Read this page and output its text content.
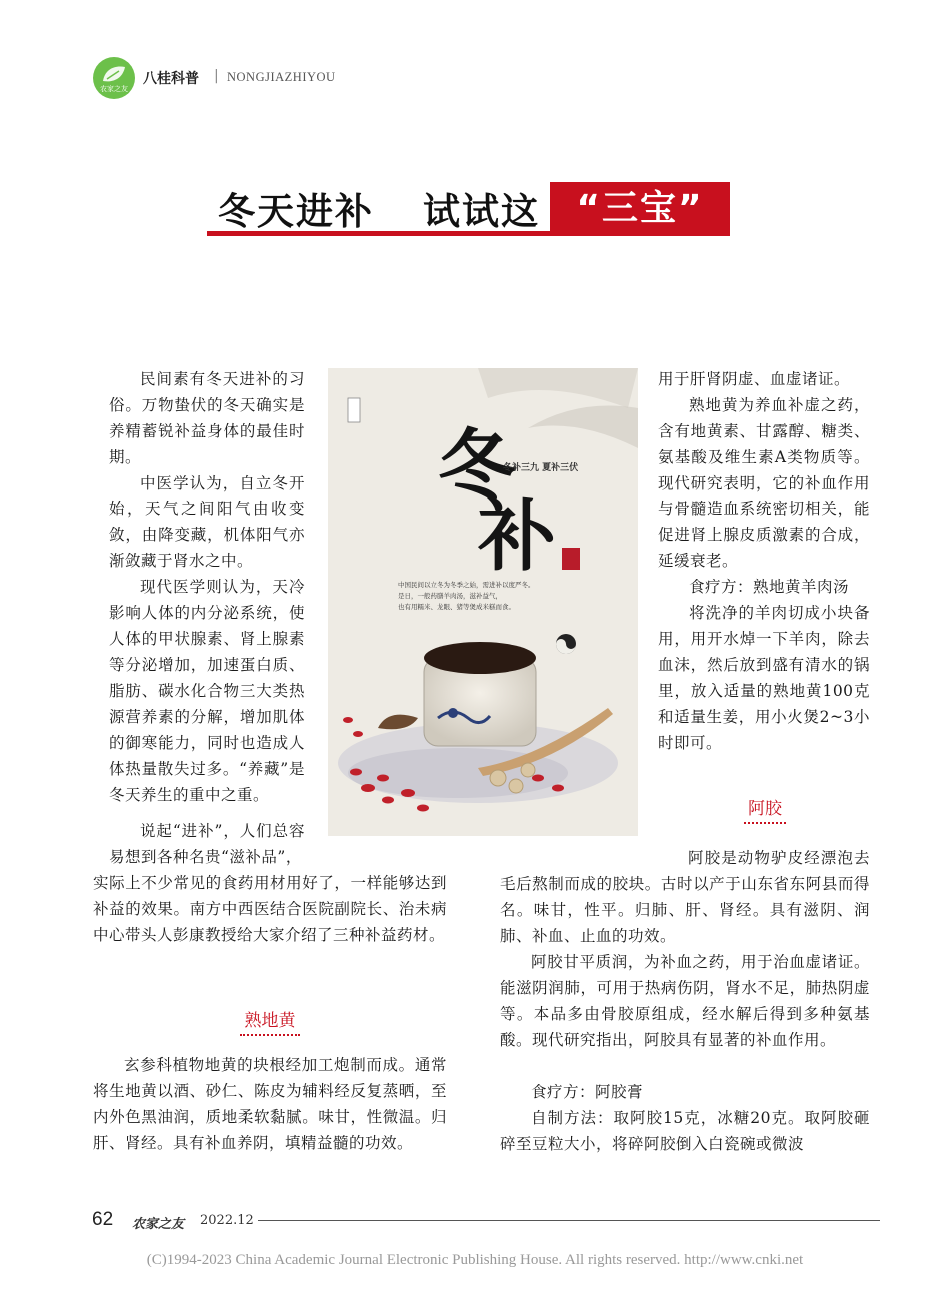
农家之友
八桂科普 | NONGJIAZHIYOU
冬天进补 试试这	“三宝”
冬
补
冬补三九 夏补三伏
中国民间以立冬为冬季之始，需进补以度严冬。
是日，一般药膳羊肉汤，滋补益气，
也有用糯米、龙眼、猪等煲成米糕而食。

民间素有冬天进补的习俗。万物蛰伏的冬天确实是养精蓄锐补益身体的最佳时期。

中医学认为，自立冬开始，天气之间阳气由收变敛，由降变藏，机体阳气亦渐敛藏于肾水之中。

现代医学则认为，天冷影响人体的内分泌系统，使人体的甲状腺素、肾上腺素等分泌增加，加速蛋白质、脂肪、碳水化合物三大类热源营养素的分解，增加肌体的御寒能力，同时也造成人体热量散失过多。“养藏”是冬天养生的重中之重。

说起“进补”，人们总容易想到各种名贵“滋补品”，

实际上不少常见的食药用材用好了，一样能够达到补益的效果。南方中西医结合医院副院长、治未病中心带头人彭康教授给大家介绍了三种补益药材。

熟地黄

玄参科植物地黄的块根经加工炮制而成。通常将生地黄以酒、砂仁、陈皮为辅料经反复蒸晒，至内外色黑油润，质地柔软黏腻。味甘，性微温。归肝、肾经。具有补血养阴，填精益髓的功效。

用于肝肾阴虚、血虚诸证。

熟地黄为养血补虚之药，含有地黄素、甘露醇、糖类、氨基酸及维生素A类物质等。现代研究表明，它的补血作用与骨髓造血系统密切相关，能促进肾上腺皮质激素的合成，延缓衰老。

食疗方：熟地黄羊肉汤

将洗净的羊肉切成小块备用，用开水焯一下羊肉，除去血沫，然后放到盛有清水的锅里，放入适量的熟地黄100克和适量生姜，用小火煲2~3小时即可。

阿胶

阿胶是动物驴皮经漂泡去毛后熬制而成的胶块。古时以产于山东省东阿县而得名。味甘，性平。归肺、肝、肾经。具有滋阴、润肺、补血、止血的功效。

阿胶甘平质润，为补血之药，用于治血虚诸证。能滋阴润肺，可用于热病伤阴，肾水不足，肺热阴虚等。本品多由骨胶原组成，经水解后得到多种氨基酸。现代研究指出，阿胶具有显著的补血作用。

食疗方：阿胶膏

自制方法：取阿胶15克，冰糖20克。取阿胶砸碎至豆粒大小，将碎阿胶倒入白瓷碗或微波

62 农家之友 2022.12
(C)1994-2023 China Academic Journal Electronic Publishing House. All rights reserved. http://www.cnki.net
